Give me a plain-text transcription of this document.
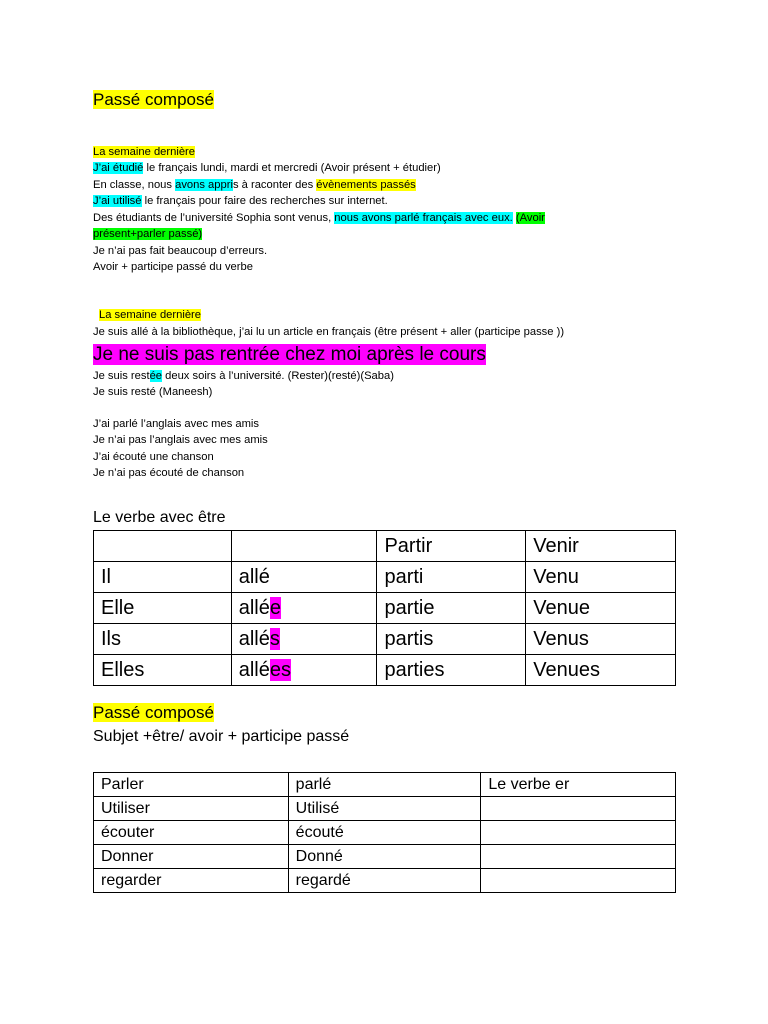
Passé composé
La semaine dernière
J’ai étudié le français lundi, mardi et mercredi (Avoir présent + étudier)
En classe, nous avons appris à raconter des évènements passés
J’ai utilisé le français pour faire des recherches sur internet.
Des étudiants de l’université Sophia sont venus, nous avons parlé français avec eux. (Avoir
présent+parler passé)
Je n’ai pas fait beaucoup d’erreurs.
Avoir + participe passé du verbe
La semaine dernière
Je suis allé à la bibliothèque, j’ai lu un article en français (être présent + aller (participe passe ))
Je ne suis pas rentrée chez moi après le cours
Je suis restée deux soirs à l’université. (Rester)(resté)(Saba)
Je suis resté (Maneesh)
J’ai parlé l’anglais avec mes amis
Je n’ai pas l’anglais avec mes amis
J’ai écouté une chanson
Je n’ai pas écouté de chanson
Le verbe avec être
		Partir	Venir
Il	allé	parti	Venu
Elle	allée	partie	Venue
Ils	allés	partis	Venus
Elles	allées	parties	Venues
Passé composé
Subjet +être/ avoir + participe passé
Parler	parlé	Le verbe er
Utiliser	Utilisé	
écouter	écouté	
Donner	Donné	
regarder	regardé	
